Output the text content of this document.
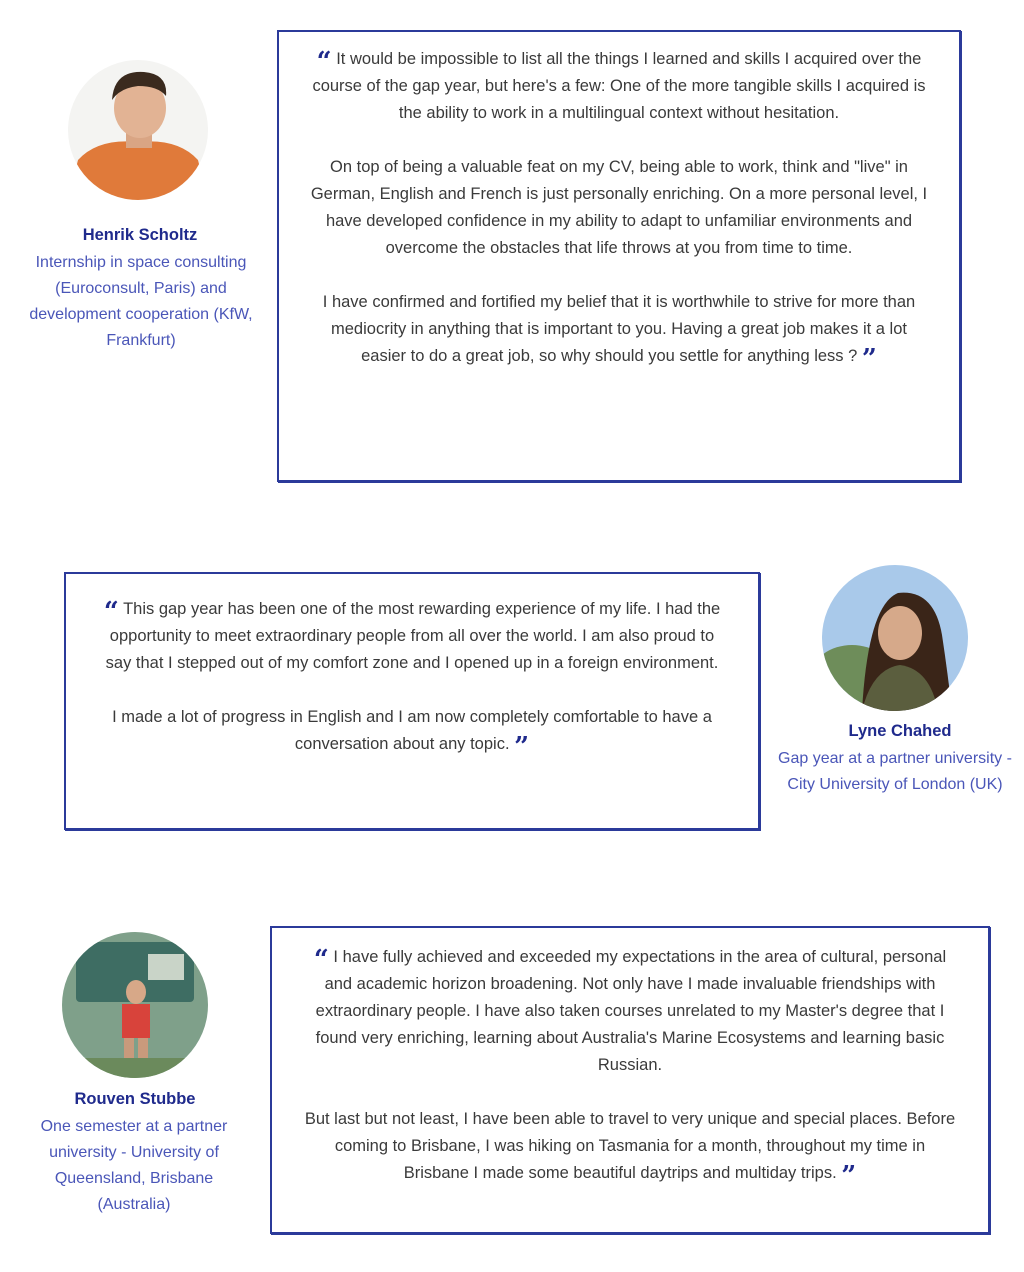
Henrik Scholtz
Internship in space consulting (Euroconsult, Paris) and development cooperation (KfW, Frankfurt)

“ It would be impossible to list all the things I learned and skills I acquired over the course of the gap year, but here's a few: One of the more tangible skills I acquired is the ability to work in a multilingual context without hesitation.

On top of being a valuable feat on my CV, being able to work, think and "live" in German, English and French is just personally enriching. On a more personal level, I have developed confidence in my ability to adapt to unfamiliar environments and overcome the obstacles that life throws at you from time to time.

I have confirmed and fortified my belief that it is worthwhile to strive for more than mediocrity in anything that is important to you. Having a great job makes it a lot easier to do a great job, so why should you settle for anything less ? ”

“ This gap year has been one of the most rewarding experience of my life. I had the opportunity to meet extraordinary people from all over the world. I am also proud to say that I stepped out of my comfort zone and I opened up in a foreign environment.

I made a lot of progress in English and I am now completely comfortable to have a conversation about any topic. ”

Lyne Chahed
Gap year at a partner university - City University of London (UK)
Rouven Stubbe
One semester at a partner university - University of Queensland, Brisbane (Australia)

“ I have fully achieved and exceeded my expectations in the area of cultural, personal and academic horizon broadening. Not only have I made invaluable friendships with extraordinary people. I have also taken courses unrelated to my Master's degree that I found very enriching, learning about Australia's Marine Ecosystems and learning basic Russian.

But last but not least, I have been able to travel to very unique and special places. Before coming to Brisbane, I was hiking on Tasmania for a month, throughout my time in Brisbane I made some beautiful daytrips and multiday trips. ”
